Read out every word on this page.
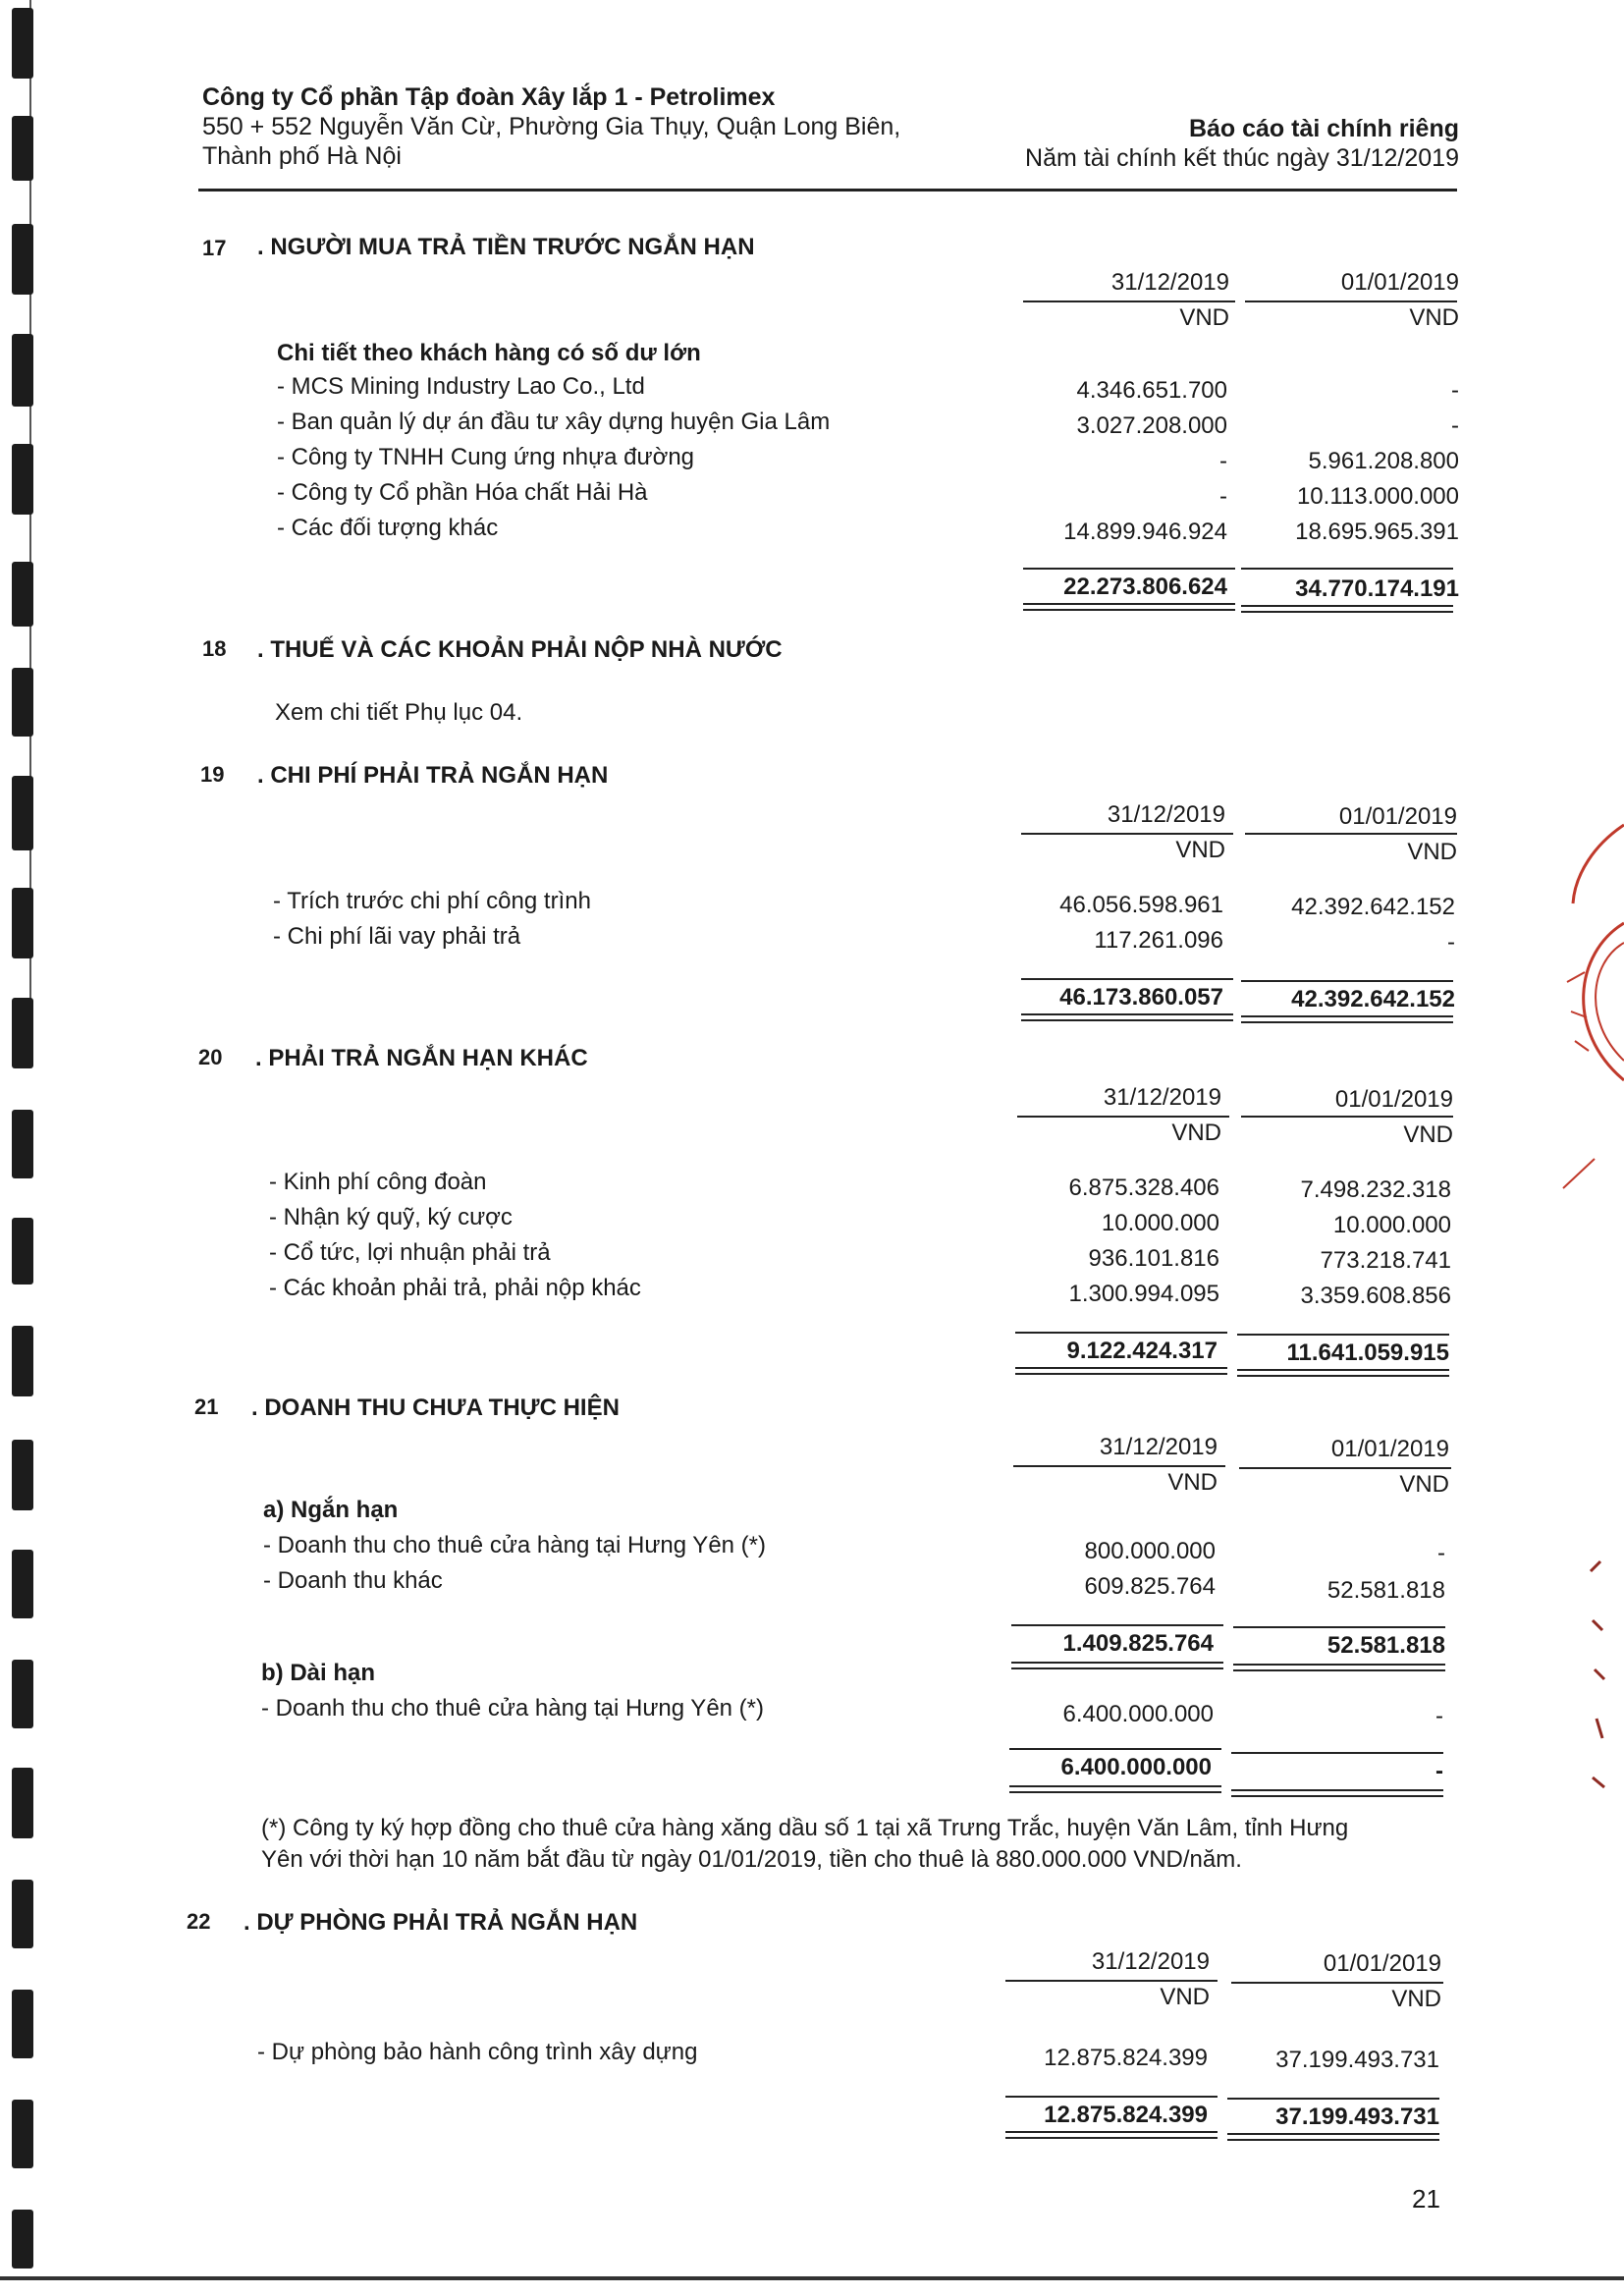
Công ty Cổ phần Tập đoàn Xây lắp 1 - Petrolimex
550 + 552 Nguyễn Văn Cừ, Phường Gia Thụy, Quận Long Biên,
Thành phố Hà Nội
Báo cáo tài chính riêng
Năm tài chính kết thúc ngày 31/12/2019
17 . NGƯỜI MUA TRẢ TIỀN TRƯỚC NGẮN HẠN
31/12/2019	01/01/2019
VND	VND
Chi tiết theo khách hàng có số dư lớn
- MCS Mining Industry Lao Co., Ltd	4.346.651.700	-
- Ban quản lý dự án đầu tư xây dựng huyện Gia Lâm	3.027.208.000	-
- Công ty TNHH Cung ứng nhựa đường	-	5.961.208.800
- Công ty Cổ phần Hóa chất Hải Hà	-	10.113.000.000
- Các đối tượng khác	14.899.946.924	18.695.965.391
22.273.806.624	34.770.174.191
18 . THUẾ VÀ CÁC KHOẢN PHẢI NỘP NHÀ NƯỚC
Xem chi tiết Phụ lục 04.
19 . CHI PHÍ PHẢI TRẢ NGẮN HẠN
31/12/2019	01/01/2019
VND	VND
- Trích trước chi phí công trình	46.056.598.961	42.392.642.152
- Chi phí lãi vay phải trả	117.261.096	-
46.173.860.057	42.392.642.152
20 . PHẢI TRẢ NGẮN HẠN KHÁC
31/12/2019	01/01/2019
VND	VND
- Kinh phí công đoàn	6.875.328.406	7.498.232.318
- Nhận ký quỹ, ký cược	10.000.000	10.000.000
- Cổ tức, lợi nhuận phải trả	936.101.816	773.218.741
- Các khoản phải trả, phải nộp khác	1.300.994.095	3.359.608.856
9.122.424.317	11.641.059.915
21 . DOANH THU CHƯA THỰC HIỆN
31/12/2019	01/01/2019
VND	VND
a) Ngắn hạn
- Doanh thu cho thuê cửa hàng tại Hưng Yên (*)	800.000.000	-
- Doanh thu khác	609.825.764	52.581.818
1.409.825.764	52.581.818
b) Dài hạn
- Doanh thu cho thuê cửa hàng tại Hưng Yên (*)	6.400.000.000	-
6.400.000.000	-
(*) Công ty ký hợp đồng cho thuê cửa hàng xăng dầu số 1 tại xã Trưng Trắc, huyện Văn Lâm, tỉnh Hưng
Yên với thời hạn 10 năm bắt đầu từ ngày 01/01/2019, tiền cho thuê là 880.000.000 VND/năm.
22 . DỰ PHÒNG PHẢI TRẢ NGẮN HẠN
31/12/2019	01/01/2019
VND	VND
- Dự phòng bảo hành công trình xây dựng	12.875.824.399	37.199.493.731
12.875.824.399	37.199.493.731
21
